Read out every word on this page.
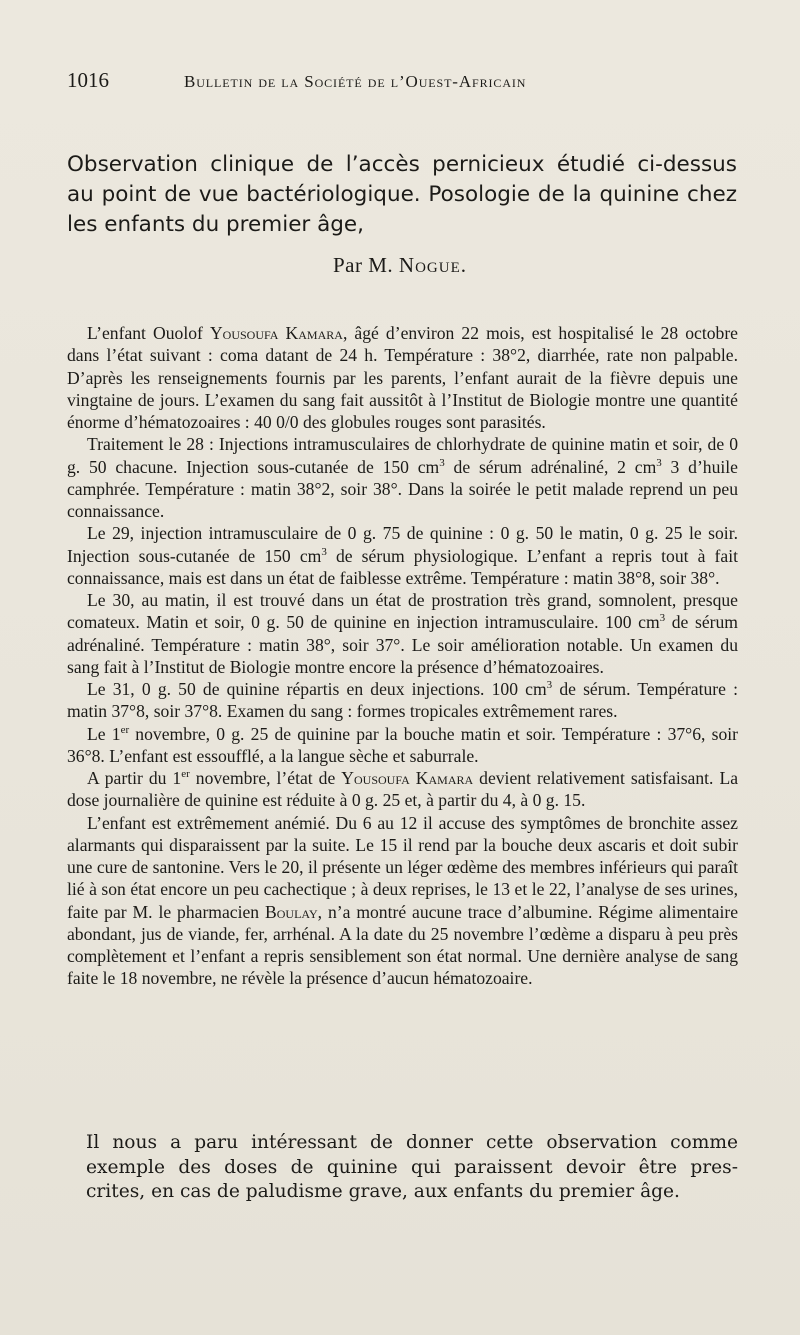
1016	Bulletin de la Société de l’Ouest-Africain
Observation clinique de l’accès pernicieux étudié ci-dessus au point de vue bactériologique. Posologie de la quinine chez les enfants du premier âge,
Par M. Nogue.

L’enfant Ouolof Yousoufa Kamara, âgé d’environ 22 mois, est hospitalisé le 28 octobre dans l’état suivant : coma datant de 24 h. Température : 38°2, diarrhée, rate non palpable. D’après les renseignements fournis par les parents, l’enfant aurait de la fièvre depuis une vingtaine de jours. L’examen du sang fait aussitôt à l’Institut de Biologie montre une quantité énorme d’hématozoaires : 40 0/0 des globules rouges sont parasités.

Traitement le 28 : Injections intramusculaires de chlorhydrate de quinine matin et soir, de 0 g. 50 chacune. Injection sous-cutanée de 150 $cm^3$ de sérum adrénaliné, 2 $cm^3$ 3 d’huile camphrée. Température : matin 38°2, soir 38°. Dans la soirée le petit malade reprend un peu connaissance.

Le 29, injection intramusculaire de 0 g. 75 de quinine : 0 g. 50 le matin, 0 g. 25 le soir. Injection sous-cutanée de 150 $cm^3$ de sérum physiologique. L’enfant a repris tout à fait connaissance, mais est dans un état de faiblesse extrême. Température : matin 38°8, soir 38°.

Le 30, au matin, il est trouvé dans un état de prostration très grand, somnolent, presque comateux. Matin et soir, 0 g. 50 de quinine en injection intramusculaire. 100 $cm^3$ de sérum adrénaliné. Température : matin 38°, soir 37°. Le soir amélioration notable. Un examen du sang fait à l’Institut de Biologie montre encore la présence d’hématozoaires.

Le 31, 0 g. 50 de quinine répartis en deux injections. 100 $cm^3$ de sérum. Température : matin 37°8, soir 37°8. Examen du sang : formes tropicales extrêmement rares.

Le 1er novembre, 0 g. 25 de quinine par la bouche matin et soir. Température : 37°6, soir 36°8. L’enfant est essoufflé, a la langue sèche et saburrale.

A partir du 1er novembre, l’état de Yousoufa Kamara devient relativement satisfaisant. La dose journalière de quinine est réduite à 0 g. 25 et, à partir du 4, à 0 g. 15.

L’enfant est extrêmement anémié. Du 6 au 12 il accuse des symptômes de bronchite assez alarmants qui disparaissent par la suite. Le 15 il rend par la bouche deux ascaris et doit subir une cure de santonine. Vers le 20, il présente un léger œdème des membres inférieurs qui paraît lié à son état encore un peu cachectique ; à deux reprises, le 13 et le 22, l’analyse de ses urines, faite par M. le pharmacien Boulay, n’a montré aucune trace d’albumine. Régime alimentaire abondant, jus de viande, fer, arrhénal. A la date du 25 novembre l’œdème a disparu à peu près complètement et l’enfant a repris sensiblement son état normal. Une dernière analyse de sang faite le 18 novembre, ne révèle la présence d’aucun hématozoaire.

Il nous a paru intéressant de donner cette observation comme
exemple des doses de quinine qui paraissent devoir être pres-
crites, en cas de paludisme grave, aux enfants du premier âge.
